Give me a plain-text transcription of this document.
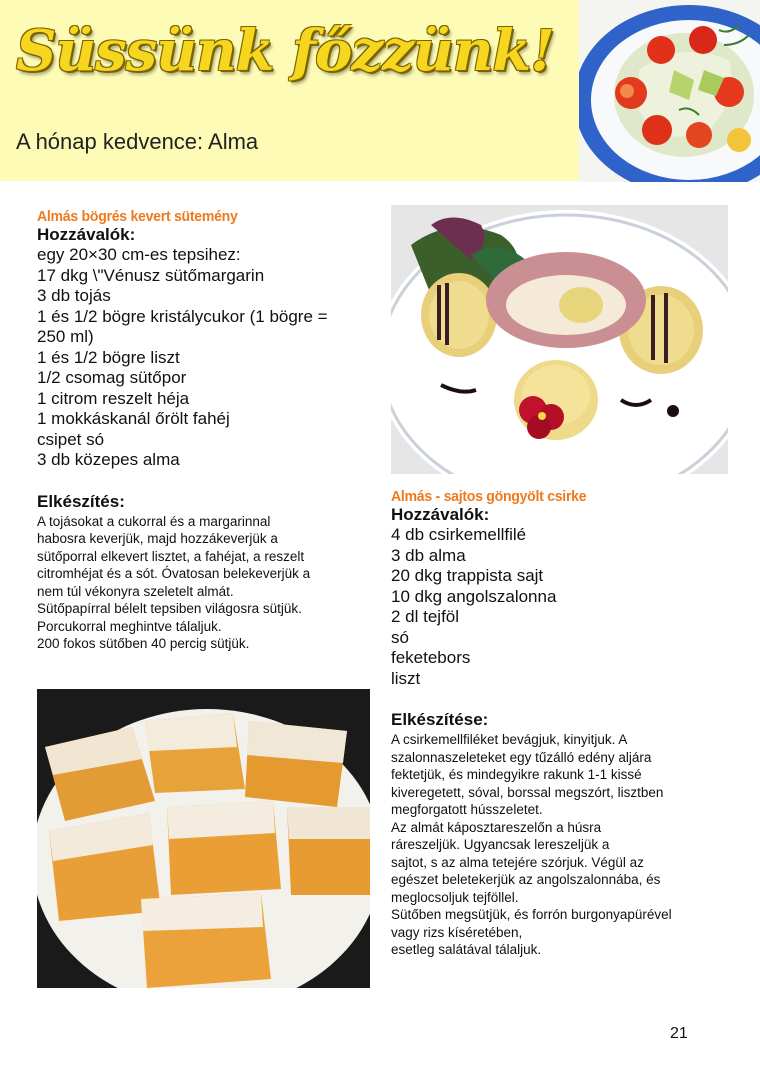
Süssünk főzzünk!
A hónap kedvence: Alma
Almás bögrés kevert sütemény
Hozzávalók:
egy 20×30 cm-es tepsihez:
17 dkg \"Vénusz sütőmargarin
3 db tojás
1 és 1/2 bögre kristálycukor (1 bögre =
250 ml)
1 és 1/2 bögre liszt
1/2 csomag sütőpor
1 citrom reszelt héja
1 mokkáskanál őrölt fahéj
csipet só
3 db közepes alma
Elkészítés:

A tojásokat a cukorral és a margarinnal

habosra keverjük, majd hozzákeverjük a

sütőporral elkevert lisztet, a fahéjat, a reszelt

citromhéjat és a sót. Óvatosan belekeverjük a

nem túl vékonyra szeletelt almát.

Sütőpapírral bélelt tepsiben világosra sütjük.

Porcukorral meghintve tálaljuk.

200 fokos sütőben 40 percig sütjük.

Almás - sajtos göngyölt csirke
Hozzávalók:
4 db csirkemellfilé
3 db alma
20 dkg trappista sajt
10 dkg angolszalonna
2 dl tejföl
só
feketebors
liszt
Elkészítése:

A csirkemellfiléket bevágjuk, kinyitjuk. A

szalonnaszeleteket egy tűzálló edény aljára

fektetjük, és mindegyikre rakunk 1-1 kissé

kiveregetett, sóval, borssal megszórt, lisztben

megforgatott hússzeletet.

Az almát káposztareszelőn a húsra

ráreszeljük. Ugyancsak lereszeljük a

sajtot, s az alma tetejére szórjuk. Végül az

egészet beletekerjük az angolszalonnába, és

meglocsoljuk tejföllel.

Sütőben megsütjük, és forrón burgonyapürével

vagy rizs kíséretében,

esetleg salátával tálaljuk.

21
